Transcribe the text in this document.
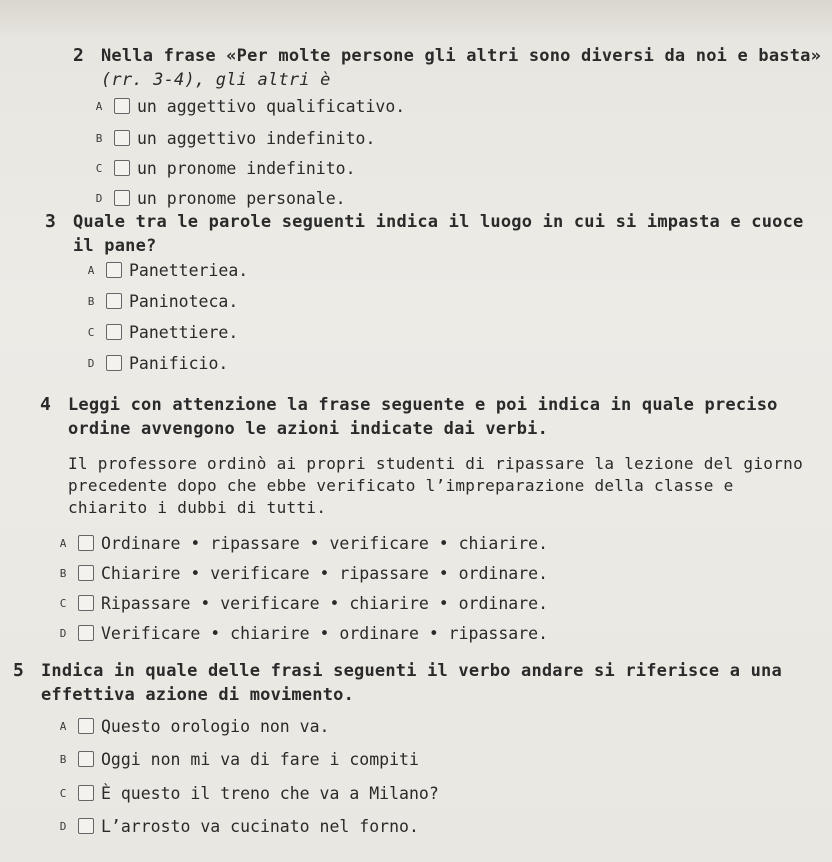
2 Nella frase «Per molte persone gli altri sono diversi da noi e basta»
(rr. 3-4), gli altri è
A un aggettivo qualificativo.
B un aggettivo indefinito.
C un pronome indefinito.
D un pronome personale.
3 Quale tra le parole seguenti indica il luogo in cui si impasta e cuoce
il pane?
A Panetteriea.
B Paninoteca.
C Panettiere.
D Panificio.
4 Leggi con attenzione la frase seguente e poi indica in quale preciso
ordine avvengono le azioni indicate dai verbi.
Il professore ordinò ai propri studenti di ripassare la lezione del giorno
precedente dopo che ebbe verificato l’impreparazione della classe e
chiarito i dubbi di tutti.
A Ordinare • ripassare • verificare • chiarire.
B Chiarire • verificare • ripassare • ordinare.
C Ripassare • verificare • chiarire • ordinare.
D Verificare • chiarire • ordinare • ripassare.
5 Indica in quale delle frasi seguenti il verbo andare si riferisce a una
effettiva azione di movimento.
A Questo orologio non va.
B Oggi non mi va di fare i compiti
C È questo il treno che va a Milano?
D L’arrosto va cucinato nel forno.
